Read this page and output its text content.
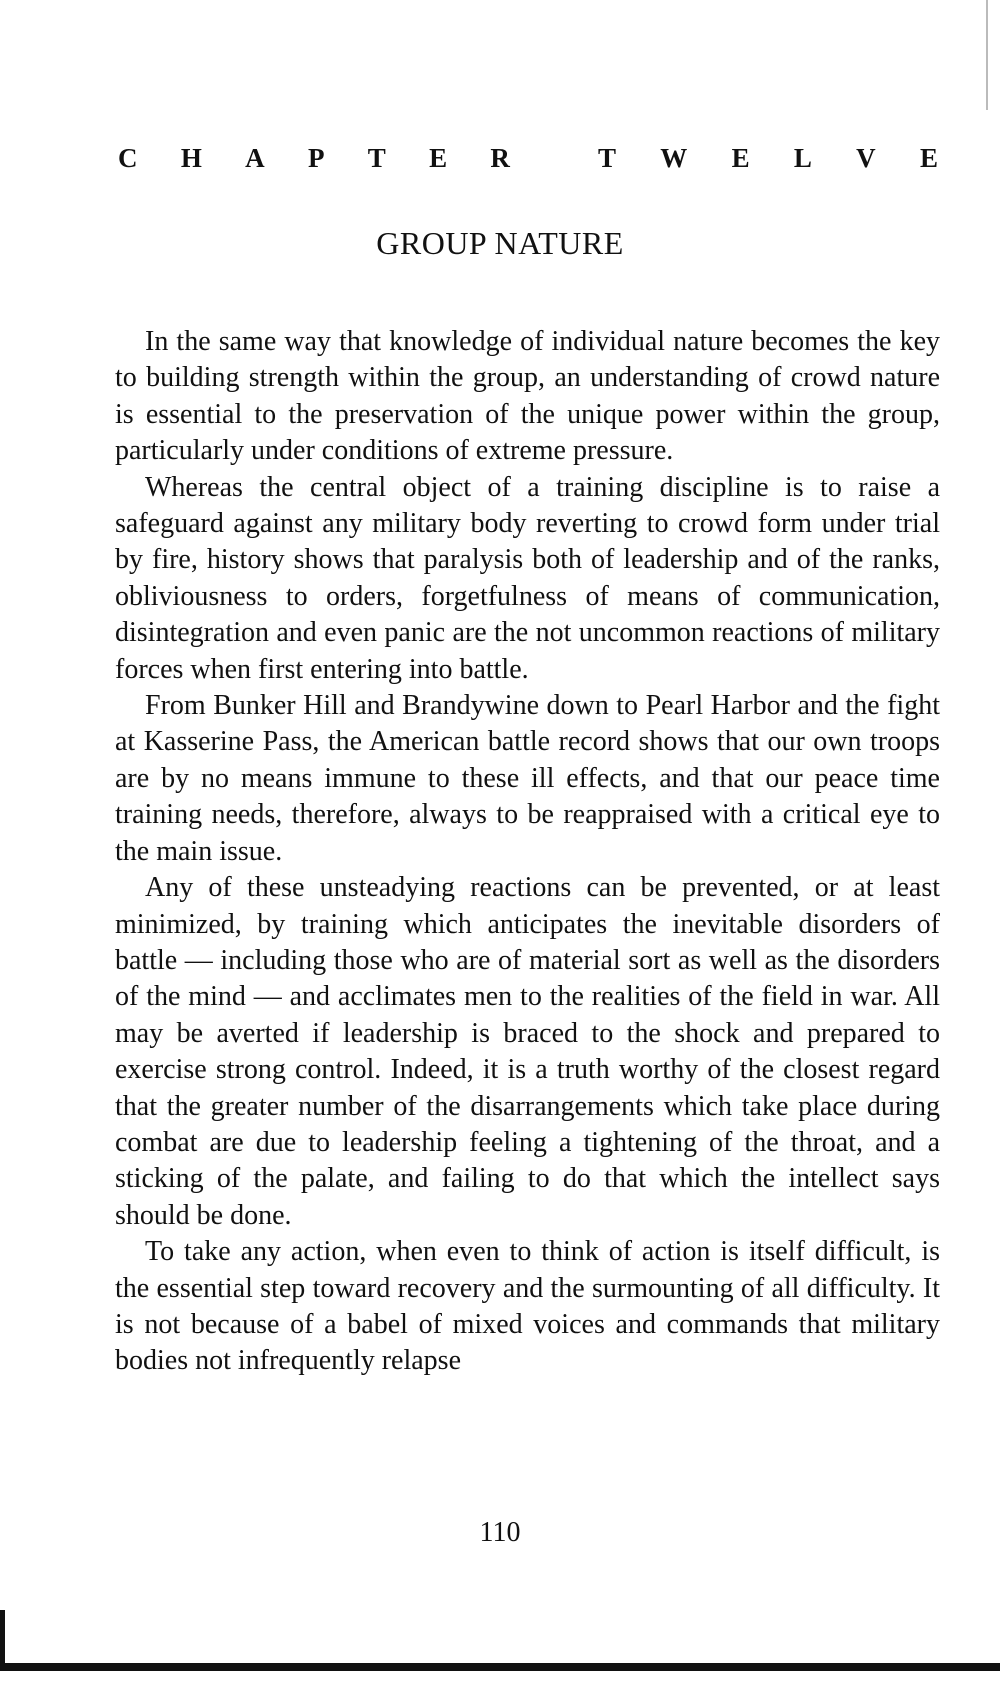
C H A P T E R	T W E L V E
GROUP NATURE

In the same way that knowledge of individual nature becomes the key to building strength within the group, an understanding of crowd nature is essential to the preservation of the unique power within the group, particularly under conditions of extreme pressure.

Whereas the central object of a training discipline is to raise a safeguard against any military body reverting to crowd form under trial by fire, history shows that paralysis both of leadership and of the ranks, obliviousness to orders, forgetfulness of means of communication, disintegration and even panic are the not uncommon reactions of military forces when first entering into battle.

From Bunker Hill and Brandywine down to Pearl Harbor and the fight at Kasserine Pass, the American battle record shows that our own troops are by no means immune to these ill effects, and that our peace time training needs, therefore, always to be reappraised with a critical eye to the main issue.

Any of these unsteadying reactions can be prevented, or at least minimized, by training which anticipates the inevitable disorders of battle — including those who are of material sort as well as the disorders of the mind — and acclimates men to the realities of the field in war. All may be averted if leadership is braced to the shock and prepared to exercise strong control. Indeed, it is a truth worthy of the closest regard that the greater number of the disarrangements which take place during combat are due to leadership feeling a tightening of the throat, and a sticking of the palate, and failing to do that which the intellect says should be done.

To take any action, when even to think of action is itself difficult, is the essential step toward recovery and the surmounting of all difficulty. It is not because of a babel of mixed voices and commands that military bodies not infrequently relapse

110
